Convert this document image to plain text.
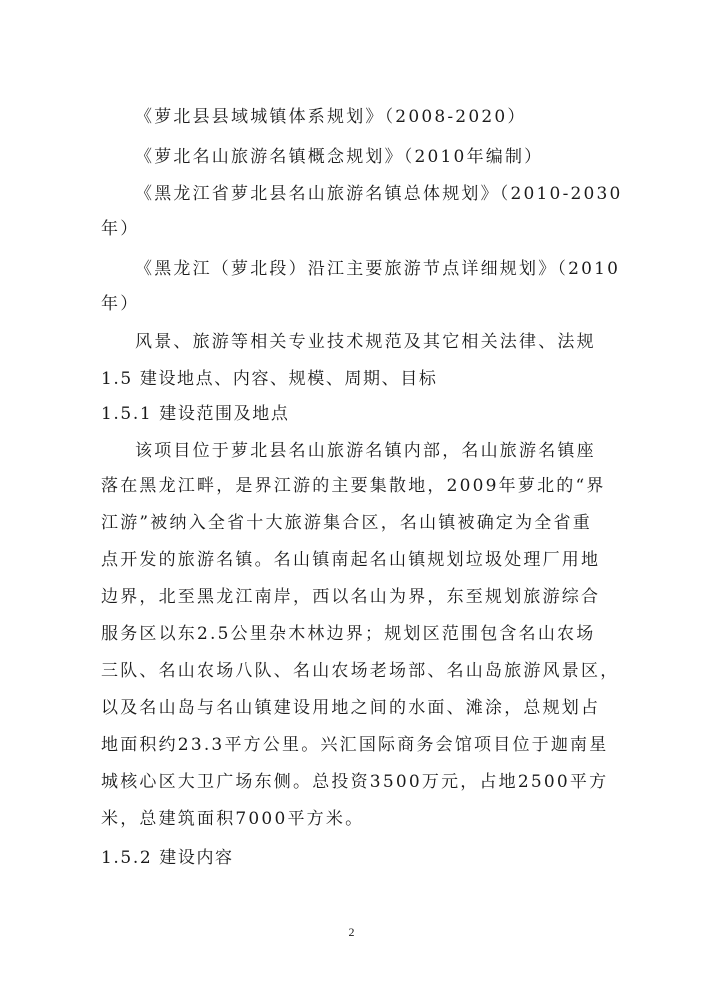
《萝北县县域城镇体系规划》（2008-2020）
《萝北名山旅游名镇概念规划》（2010年编制）
《黑龙江省萝北县名山旅游名镇总体规划》（2010-2030
年）
《黑龙江（萝北段）沿江主要旅游节点详细规划》（2010
年）
风景、旅游等相关专业技术规范及其它相关法律、法规
1.5 建设地点、内容、规模、周期、目标
1.5.1 建设范围及地点
该项目位于萝北县名山旅游名镇内部，名山旅游名镇座
落在黑龙江畔，是界江游的主要集散地，2009年萝北的“界
江游”被纳入全省十大旅游集合区，名山镇被确定为全省重
点开发的旅游名镇。名山镇南起名山镇规划垃圾处理厂用地
边界，北至黑龙江南岸，西以名山为界，东至规划旅游综合
服务区以东2.5公里杂木林边界；规划区范围包含名山农场
三队、名山农场八队、名山农场老场部、名山岛旅游风景区，
以及名山岛与名山镇建设用地之间的水面、滩涂，总规划占
地面积约23.3平方公里。兴汇国际商务会馆项目位于迦南星
城核心区大卫广场东侧。总投资3500万元，占地2500平方
米，总建筑面积7000平方米。
1.5.2 建设内容
2
